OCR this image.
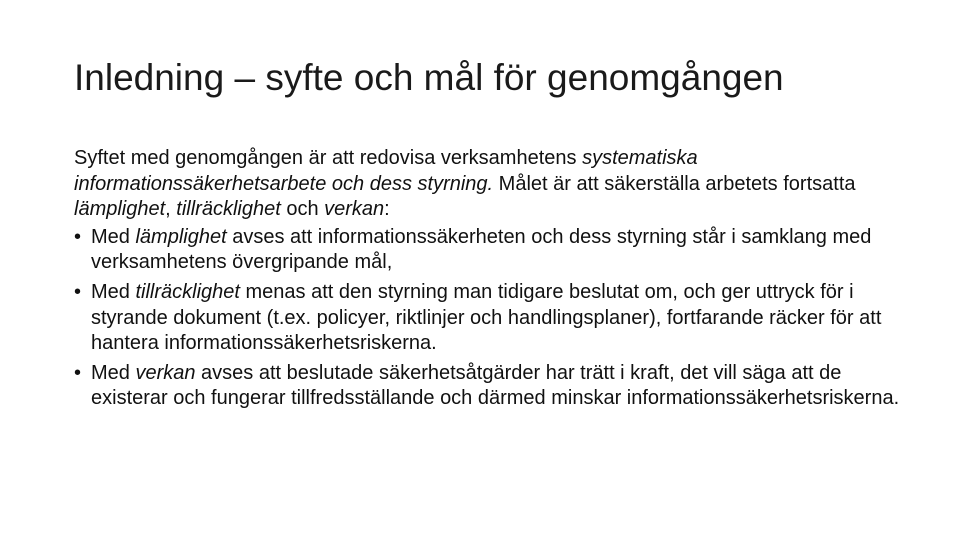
Inledning – syfte och mål för genomgången

Syftet med genomgången är att redovisa verksamhetens systematiska informationssäkerhetsarbete och dess styrning. Målet är att säkerställa arbetets fortsatta lämplighet, tillräcklighet och verkan:

• Med lämplighet avses att informationssäkerheten och dess styrning står i samklang med verksamhetens övergripande mål,
• Med tillräcklighet menas att den styrning man tidigare beslutat om, och ger uttryck för i styrande dokument (t.ex. policyer, riktlinjer och handlingsplaner), fortfarande räcker för att hantera informationssäkerhetsriskerna.
• Med verkan avses att beslutade säkerhetsåtgärder har trätt i kraft, det vill säga att de existerar och fungerar tillfredsställande och därmed minskar informationssäkerhetsriskerna.
